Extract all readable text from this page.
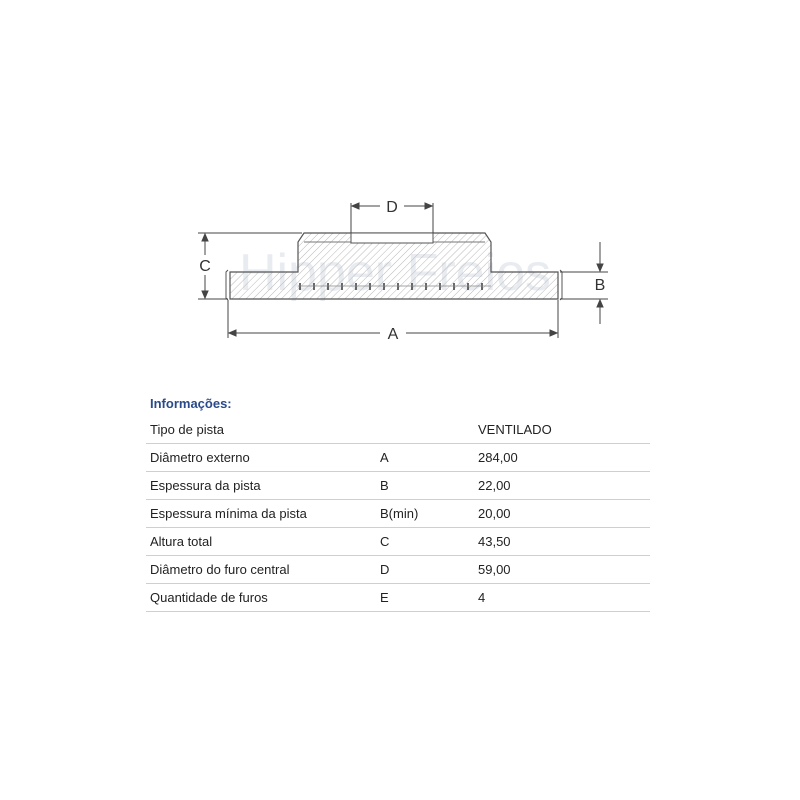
D
C
B
A
Informações:
Tipo de pista		VENTILADO
Diâmetro externo	A	284,00
Espessura da pista	B	22,00
Espessura mínima da pista	B(min)	20,00
Altura total	C	43,50
Diâmetro do furo central	D	59,00
Quantidade de furos	E	4
